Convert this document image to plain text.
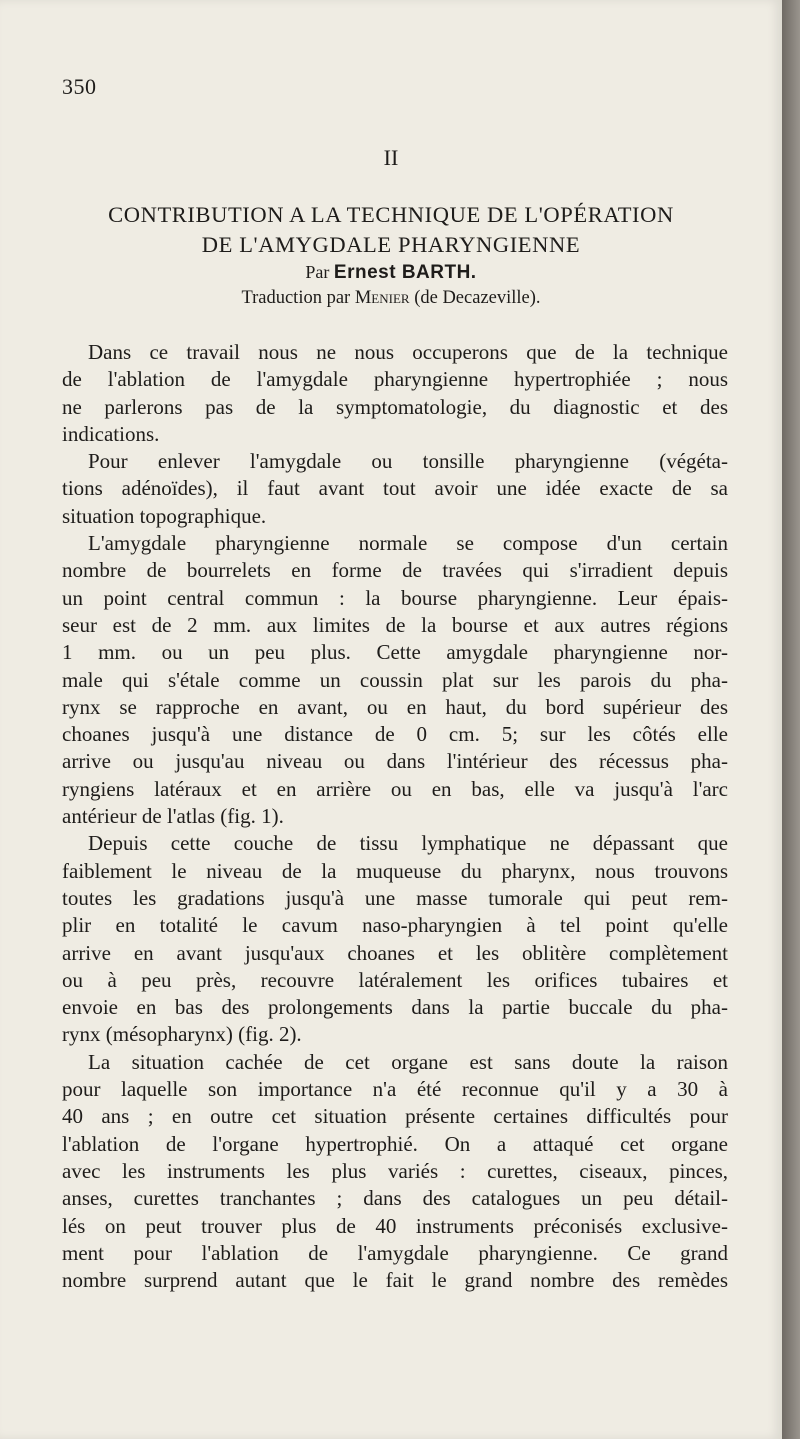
350
II
CONTRIBUTION A LA TECHNIQUE DE L'OPÉRATION
DE L'AMYGDALE PHARYNGIENNE
Par Ernest BARTH.
Traduction par Menier (de Decazeville).
Dans ce travail nous ne nous occuperons que de la technique
de l'ablation de l'amygdale pharyngienne hypertrophiée ; nous
ne parlerons pas de la symptomatologie, du diagnostic et des
indications.
Pour enlever l'amygdale ou tonsille pharyngienne (végéta-
tions adénoïdes), il faut avant tout avoir une idée exacte de sa
situation topographique.
L'amygdale pharyngienne normale se compose d'un certain
nombre de bourrelets en forme de travées qui s'irradient depuis
un point central commun : la bourse pharyngienne. Leur épais-
seur est de 2 mm. aux limites de la bourse et aux autres régions
1 mm. ou un peu plus. Cette amygdale pharyngienne nor-
male qui s'étale comme un coussin plat sur les parois du pha-
rynx se rapproche en avant, ou en haut, du bord supérieur des
choanes jusqu'à une distance de 0 cm. 5; sur les côtés elle
arrive ou jusqu'au niveau ou dans l'intérieur des récessus pha-
ryngiens latéraux et en arrière ou en bas, elle va jusqu'à l'arc
antérieur de l'atlas (fig. 1).
Depuis cette couche de tissu lymphatique ne dépassant que
faiblement le niveau de la muqueuse du pharynx, nous trouvons
toutes les gradations jusqu'à une masse tumorale qui peut rem-
plir en totalité le cavum naso-pharyngien à tel point qu'elle
arrive en avant jusqu'aux choanes et les oblitère complètement
ou à peu près, recouvre latéralement les orifices tubaires et
envoie en bas des prolongements dans la partie buccale du pha-
rynx (mésopharynx) (fig. 2).
La situation cachée de cet organe est sans doute la raison
pour laquelle son importance n'a été reconnue qu'il y a 30 à
40 ans ; en outre cet situation présente certaines difficultés pour
l'ablation de l'organe hypertrophié. On a attaqué cet organe
avec les instruments les plus variés : curettes, ciseaux, pinces,
anses, curettes tranchantes ; dans des catalogues un peu détail-
lés on peut trouver plus de 40 instruments préconisés exclusive-
ment pour l'ablation de l'amygdale pharyngienne. Ce grand
nombre surprend autant que le fait le grand nombre des remèdes
